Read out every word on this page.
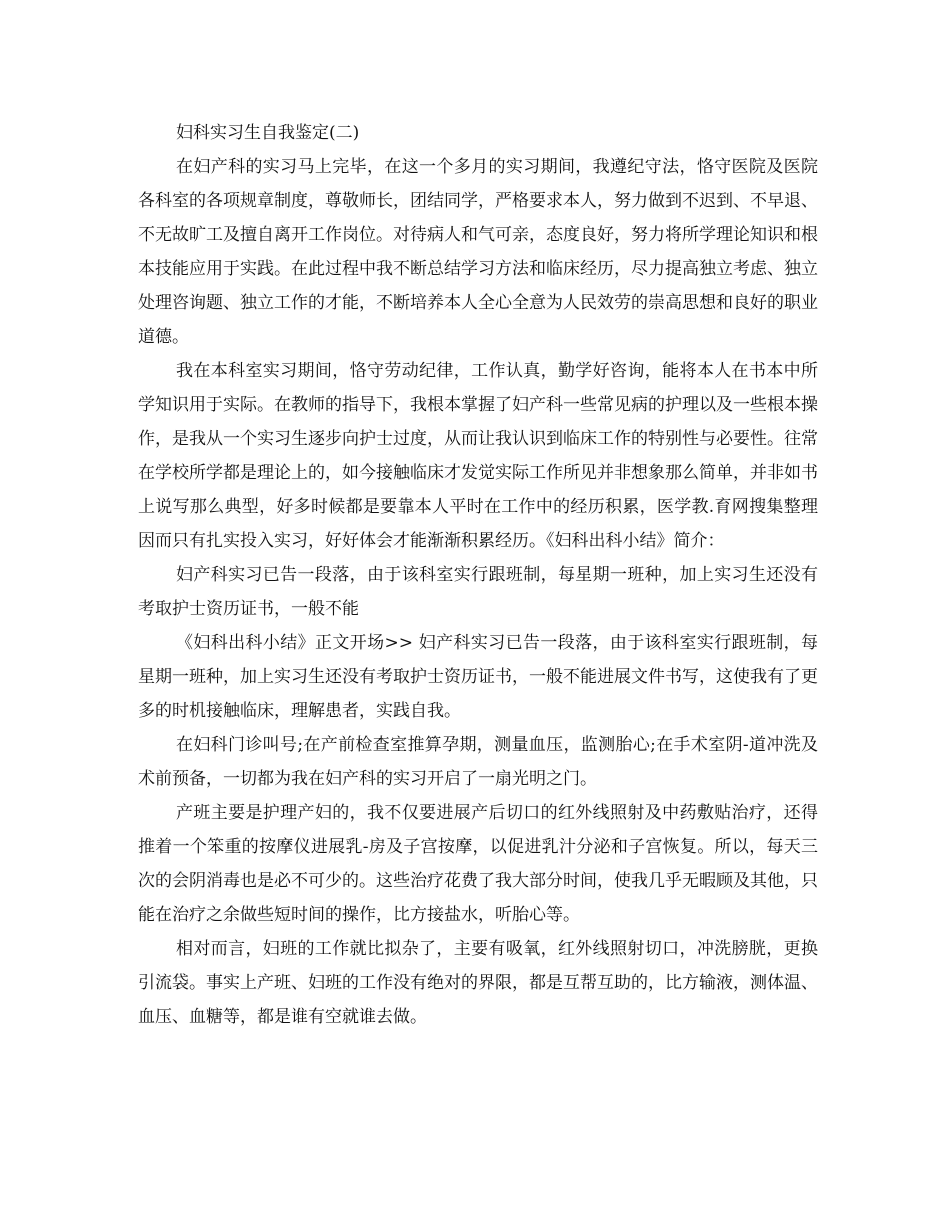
妇科实习生自我鉴定(二)

在妇产科的实习马上完毕，在这一个多月的实习期间，我遵纪守法，恪守医院及医院各科室的各项规章制度，尊敬师长，团结同学，严格要求本人，努力做到不迟到、不早退、不无故旷工及擅自离开工作岗位。对待病人和气可亲，态度良好，努力将所学理论知识和根本技能应用于实践。在此过程中我不断总结学习方法和临床经历，尽力提高独立考虑、独立处理咨询题、独立工作的才能，不断培养本人全心全意为人民效劳的崇高思想和良好的职业道德。

我在本科室实习期间，恪守劳动纪律，工作认真，勤学好咨询，能将本人在书本中所学知识用于实际。在教师的指导下，我根本掌握了妇产科一些常见病的护理以及一些根本操作，是我从一个实习生逐步向护士过度，从而让我认识到临床工作的特别性与必要性。往常在学校所学都是理论上的，如今接触临床才发觉实际工作所见并非想象那么简单，并非如书上说写那么典型，好多时候都是要靠本人平时在工作中的经历积累，医学教.育网搜集整理因而只有扎实投入实习，好好体会才能渐渐积累经历。《妇科出科小结》简介：

妇产科实习已告一段落，由于该科室实行跟班制，每星期一班种，加上实习生还没有考取护士资历证书，一般不能

《妇科出科小结》正文开场>> 妇产科实习已告一段落，由于该科室实行跟班制，每星期一班种，加上实习生还没有考取护士资历证书，一般不能进展文件书写，这使我有了更多的时机接触临床，理解患者，实践自我。

在妇科门诊叫号;在产前检查室推算孕期，测量血压，监测胎心;在手术室阴-道冲洗及术前预备，一切都为我在妇产科的实习开启了一扇光明之门。

产班主要是护理产妇的，我不仅要进展产后切口的红外线照射及中药敷贴治疗，还得推着一个笨重的按摩仪进展乳-房及子宫按摩，以促进乳汁分泌和子宫恢复。所以，每天三次的会阴消毒也是必不可少的。这些治疗花费了我大部分时间，使我几乎无暇顾及其他，只能在治疗之余做些短时间的操作，比方接盐水，听胎心等。

相对而言，妇班的工作就比拟杂了，主要有吸氧，红外线照射切口，冲洗膀胱，更换引流袋。事实上产班、妇班的工作没有绝对的界限，都是互帮互助的，比方输液，测体温、血压、血糖等，都是谁有空就谁去做。
